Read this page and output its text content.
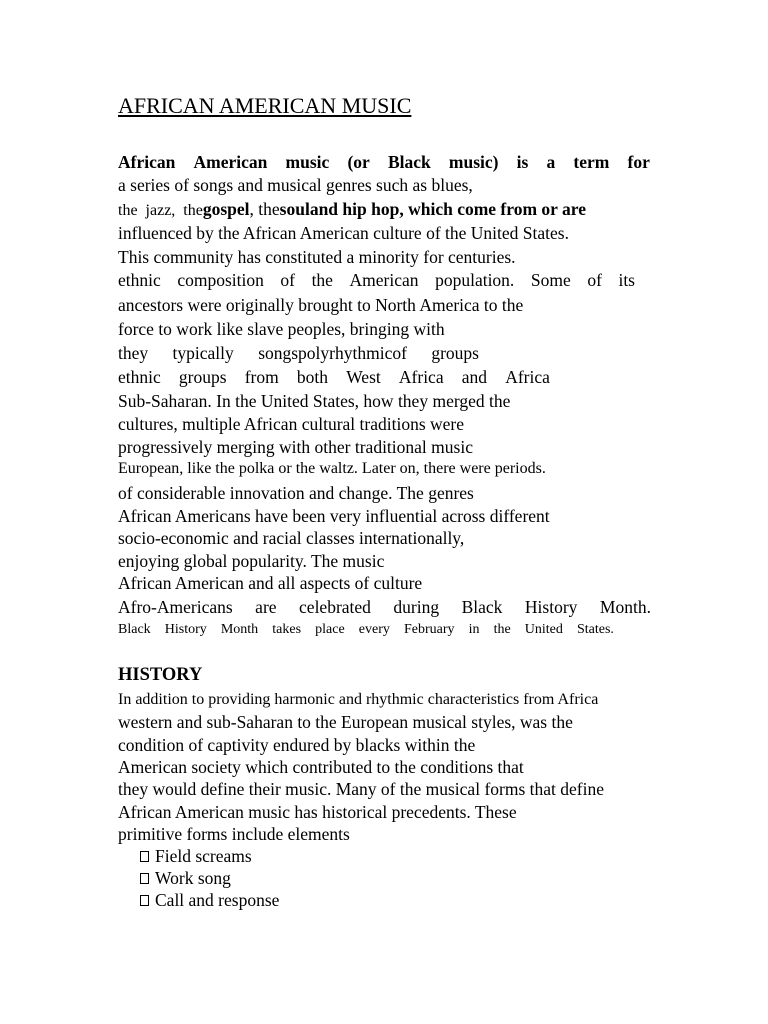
AFRICAN AMERICAN MUSIC
African American music (or Black music) is a term for
a series of songs and musical genres such as blues,
the  jazz,  thegospel, thesouland hip hop, which come from or are
influenced by the African American culture of the United States.
This community has constituted a minority for centuries.
ethnic composition of the American population. Some of its
ancestors were originally brought to North America to the
force to work like slave peoples, bringing with
they typically songspolyrhythmicof groups
ethnic groups from both West Africa and Africa
Sub-Saharan. In the United States, how they merged the
cultures, multiple African cultural traditions were
progressively merging with other traditional music
European, like the polka or the waltz. Later on, there were periods.
of considerable innovation and change. The genres
African Americans have been very influential across different
socio-economic and racial classes internationally,
enjoying global popularity. The music
African American and all aspects of culture
Afro-Americans are celebrated during Black History Month.
Black History Month takes place every February in the United States.
HISTORY
In addition to providing harmonic and rhythmic characteristics from Africa
western and sub-Saharan to the European musical styles, was the
condition of captivity endured by blacks within the
American society which contributed to the conditions that
they would define their music. Many of the musical forms that define
African American music has historical precedents. These
primitive forms include elements
Field screams
Work song
Call and response
